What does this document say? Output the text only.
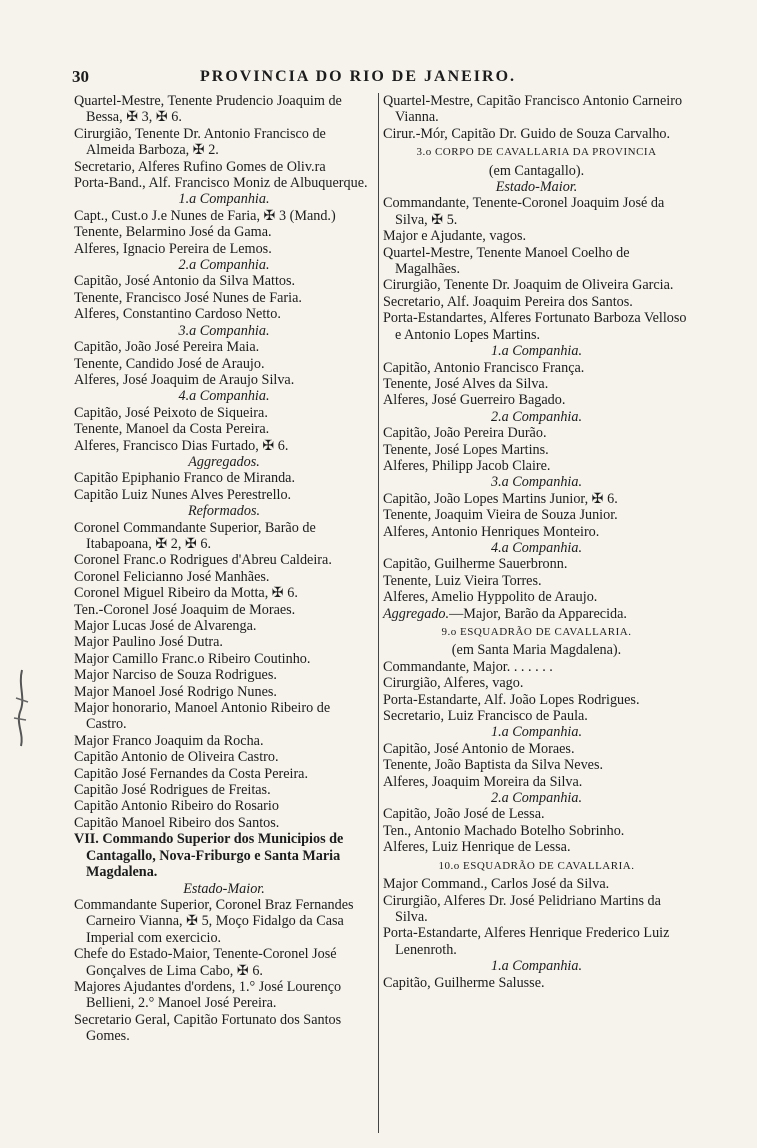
30	PROVINCIA DO RIO DE JANEIRO.

Quartel-Mestre, Tenente Prudencio Joaquim de Bessa, ✠ 3, ✠ 6.

Cirurgião, Tenente Dr. Antonio Francisco de Almeida Barboza, ✠ 2.

Secretario, Alferes Rufino Gomes de Oliv.ra

Porta-Band., Alf. Francisco Moniz de Albuquerque.

1.a Companhia.

Capt., Cust.o J.e Nunes de Faria, ✠ 3 (Mand.)

Tenente, Belarmino José da Gama.

Alferes, Ignacio Pereira de Lemos.

2.a Companhia.

Capitão, José Antonio da Silva Mattos.

Tenente, Francisco José Nunes de Faria.

Alferes, Constantino Cardoso Netto.

3.a Companhia.

Capitão, João José Pereira Maia.

Tenente, Candido José de Araujo.

Alferes, José Joaquim de Araujo Silva.

4.a Companhia.

Capitão, José Peixoto de Siqueira.

Tenente, Manoel da Costa Pereira.

Alferes, Francisco Dias Furtado, ✠ 6.

Aggregados.

Capitão Epiphanio Franco de Miranda.

Capitão Luiz Nunes Alves Perestrello.

Reformados.

Coronel Commandante Superior, Barão de Itabapoana, ✠ 2, ✠ 6.

Coronel Franc.o Rodrigues d'Abreu Caldeira.

Coronel Felicianno José Manhães.

Coronel Miguel Ribeiro da Motta, ✠ 6.

Ten.-Coronel José Joaquim de Moraes.

Major Lucas José de Alvarenga.

Major Paulino José Dutra.

Major Camillo Franc.o Ribeiro Coutinho.

Major Narciso de Souza Rodrigues.

Major Manoel José Rodrigo Nunes.

Major honorario, Manoel Antonio Ribeiro de Castro.

Major Franco Joaquim da Rocha.

Capitão Antonio de Oliveira Castro.

Capitão José Fernandes da Costa Pereira.

Capitão José Rodrigues de Freitas.

Capitão Antonio Ribeiro do Rosario

Capitão Manoel Ribeiro dos Santos.

VII. Commando Superior dos Municipios de Cantagallo, Nova-Friburgo e Santa Maria Magdalena.

Estado-Maior.

Commandante Superior, Coronel Braz Fernandes Carneiro Vianna, ✠ 5, Moço Fidalgo da Casa Imperial com exercicio.

Chefe do Estado-Maior, Tenente-Coronel José Gonçalves de Lima Cabo, ✠ 6.

Majores Ajudantes d'ordens, 1.° José Lourenço Bellieni, 2.° Manoel José Pereira.

Secretario Geral, Capitão Fortunato dos Santos Gomes.

Quartel-Mestre, Capitão Francisco Antonio Carneiro Vianna.

Cirur.-Mór, Capitão Dr. Guido de Souza Carvalho.

3.o CORPO DE CAVALLARIA DA PROVINCIA

(em Cantagallo).

Estado-Maior.

Commandante, Tenente-Coronel Joaquim José da Silva, ✠ 5.

Major e Ajudante, vagos.

Quartel-Mestre, Tenente Manoel Coelho de Magalhães.

Cirurgião, Tenente Dr. Joaquim de Oliveira Garcia.

Secretario, Alf. Joaquim Pereira dos Santos.

Porta-Estandartes, Alferes Fortunato Barboza Velloso e Antonio Lopes Martins.

1.a Companhia.

Capitão, Antonio Francisco França.

Tenente, José Alves da Silva.

Alferes, José Guerreiro Bagado.

2.a Companhia.

Capitão, João Pereira Durão.

Tenente, José Lopes Martins.

Alferes, Philipp Jacob Claire.

3.a Companhia.

Capitão, João Lopes Martins Junior, ✠ 6.

Tenente, Joaquim Vieira de Souza Junior.

Alferes, Antonio Henriques Monteiro.

4.a Companhia.

Capitão, Guilherme Sauerbronn.

Tenente, Luiz Vieira Torres.

Alferes, Amelio Hyppolito de Araujo.

Aggregado.—Major, Barão da Apparecida.

9.o ESQUADRÃO DE CAVALLARIA.

(em Santa Maria Magdalena).

Commandante, Major. . . . . . .

Cirurgião, Alferes, vago.

Porta-Estandarte, Alf. João Lopes Rodrigues.

Secretario, Luiz Francisco de Paula.

1.a Companhia.

Capitão, José Antonio de Moraes.

Tenente, João Baptista da Silva Neves.

Alferes, Joaquim Moreira da Silva.

2.a Companhia.

Capitão, João José de Lessa.

Ten., Antonio Machado Botelho Sobrinho.

Alferes, Luiz Henrique de Lessa.

10.o ESQUADRÃO DE CAVALLARIA.

Major Command., Carlos José da Silva.

Cirurgião, Alferes Dr. José Pelidriano Martins da Silva.

Porta-Estandarte, Alferes Henrique Frederico Luiz Lenenroth.

1.a Companhia.

Capitão, Guilherme Salusse.
